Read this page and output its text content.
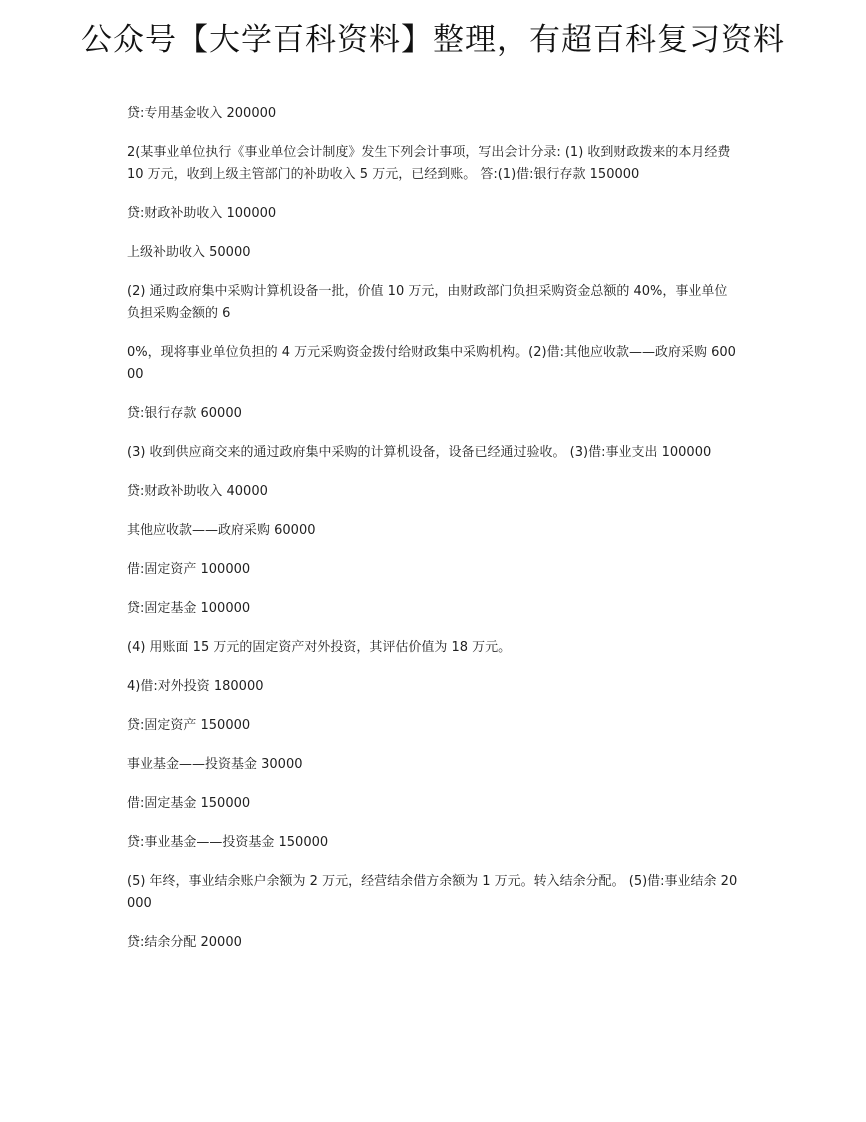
公众号【大学百科资料】整理，有超百科复习资料

贷:专用基金收入 200000

2(某事业单位执行《事业单位会计制度》发生下列会计事项，写出会计分录: (1) 收到财政拨来的本月经费 10 万元，收到上级主管部门的补助收入 5 万元，已经到账。 答:(1)借:银行存款 150000

贷:财政补助收入 100000

上级补助收入 50000

(2) 通过政府集中采购计算机设备一批，价值 10 万元，由财政部门负担采购资金总额的 40%，事业单位负担采购金额的 6

0%，现将事业单位负担的 4 万元采购资金拨付给财政集中采购机构。(2)借:其他应收款——政府采购 60000

贷:银行存款 60000

(3) 收到供应商交来的通过政府集中采购的计算机设备，设备已经通过验收。 (3)借:事业支出 100000

贷:财政补助收入 40000

其他应收款——政府采购 60000

借:固定资产 100000

贷:固定基金 100000

(4) 用账面 15 万元的固定资产对外投资，其评估价值为 18 万元。

4)借:对外投资 180000

贷:固定资产 150000

事业基金——投资基金 30000

借:固定基金 150000

贷:事业基金——投资基金 150000

(5) 年终，事业结余账户余额为 2 万元，经营结余借方余额为 1 万元。转入结余分配。 (5)借:事业结余 20000

贷:结余分配 20000
